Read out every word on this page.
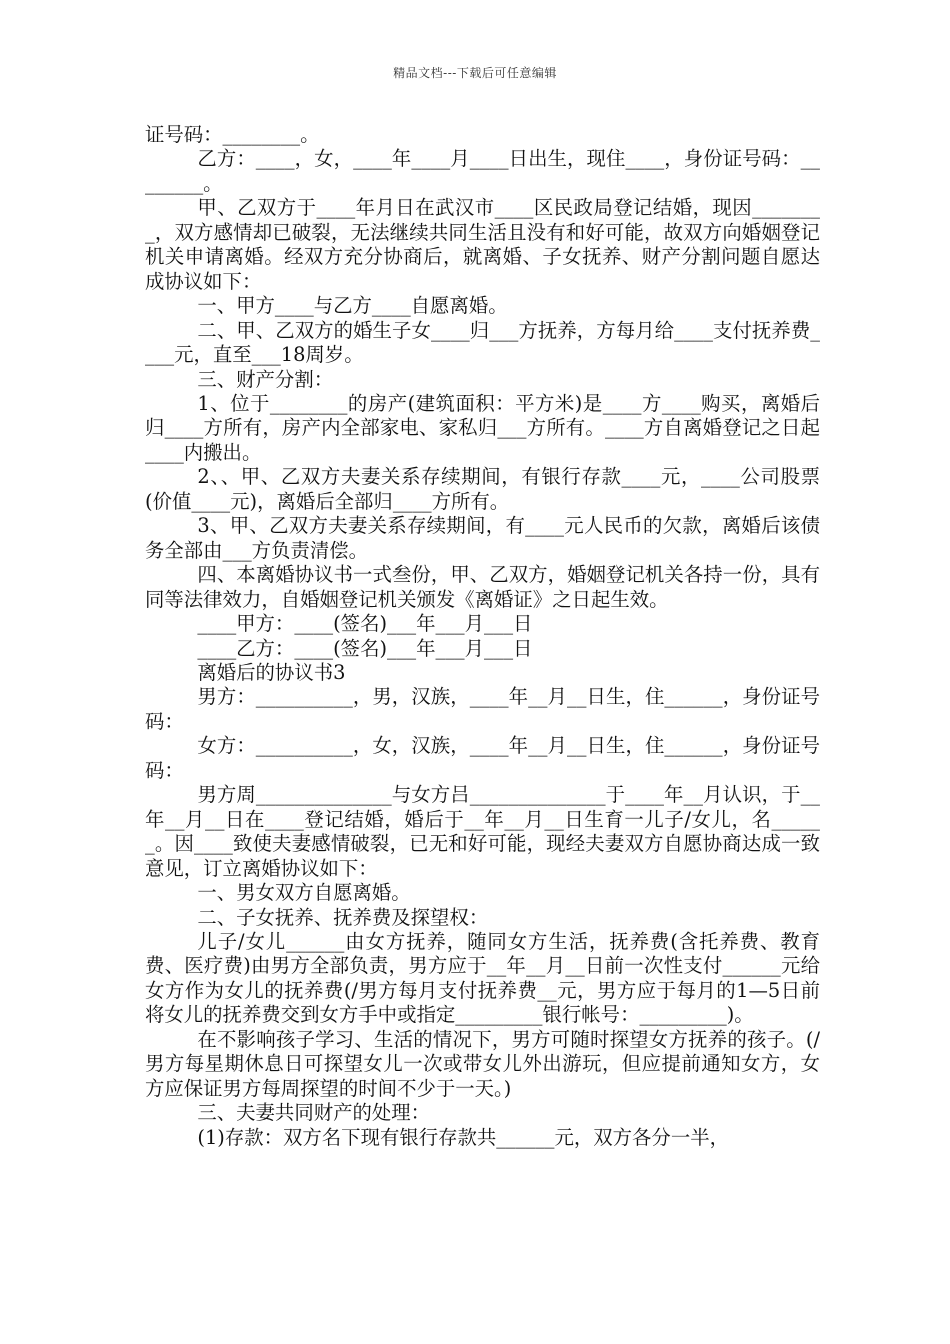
精品文档---下载后可任意编辑

证号码：________。

乙方：____，女，____年____月____日出生，现住____，身份证号码：________。

甲、乙双方于____年月日在武汉市____区民政局登记结婚，现因________，双方感情却已破裂，无法继续共同生活且没有和好可能，故双方向婚姻登记机关申请离婚。经双方充分协商后，就离婚、子女抚养、财产分割问题自愿达成协议如下：

一、甲方____与乙方____自愿离婚。

二、甲、乙双方的婚生子女____归___方抚养，方每月给____支付抚养费____元，直至___18周岁。

三、财产分割：

1、位于________的房产(建筑面积：平方米)是____方____购买，离婚后归____方所有，房产内全部家电、家私归___方所有。____方自离婚登记之日起____内搬出。

2、、甲、乙双方夫妻关系存续期间，有银行存款____元，____公司股票(价值____元)，离婚后全部归____方所有。

3、甲、乙双方夫妻关系存续期间，有____元人民币的欠款，离婚后该债务全部由___方负责清偿。

四、本离婚协议书一式叁份，甲、乙双方，婚姻登记机关各持一份，具有同等法律效力，自婚姻登记机关颁发《离婚证》之日起生效。

____甲方：____(签名)___年___月___日

____乙方：____(签名)___年___月___日

离婚后的协议书3

男方：__________，男，汉族，____年__月__日生，住______，身份证号码：

女方：__________，女，汉族，____年__月__日生，住______，身份证号码：

男方周______________与女方吕______________于____年__月认识，于__年__月__日在____登记结婚，婚后于__年__月__日生育一儿子/女儿，名______。因____致使夫妻感情破裂，已无和好可能，现经夫妻双方自愿协商达成一致意见，订立离婚协议如下：

一、男女双方自愿离婚。

二、子女抚养、抚养费及探望权：

儿子/女儿______由女方抚养，随同女方生活，抚养费(含托养费、教育费、医疗费)由男方全部负责，男方应于__年__月__日前一次性支付______元给女方作为女儿的抚养费(/男方每月支付抚养费__元，男方应于每月的1—5日前将女儿的抚养费交到女方手中或指定_________银行帐号：_________)。

在不影响孩子学习、生活的情况下，男方可随时探望女方抚养的孩子。(/男方每星期休息日可探望女儿一次或带女儿外出游玩，但应提前通知女方，女方应保证男方每周探望的时间不少于一天。)

三、夫妻共同财产的处理：

(1)存款：双方名下现有银行存款共______元，双方各分一半，
